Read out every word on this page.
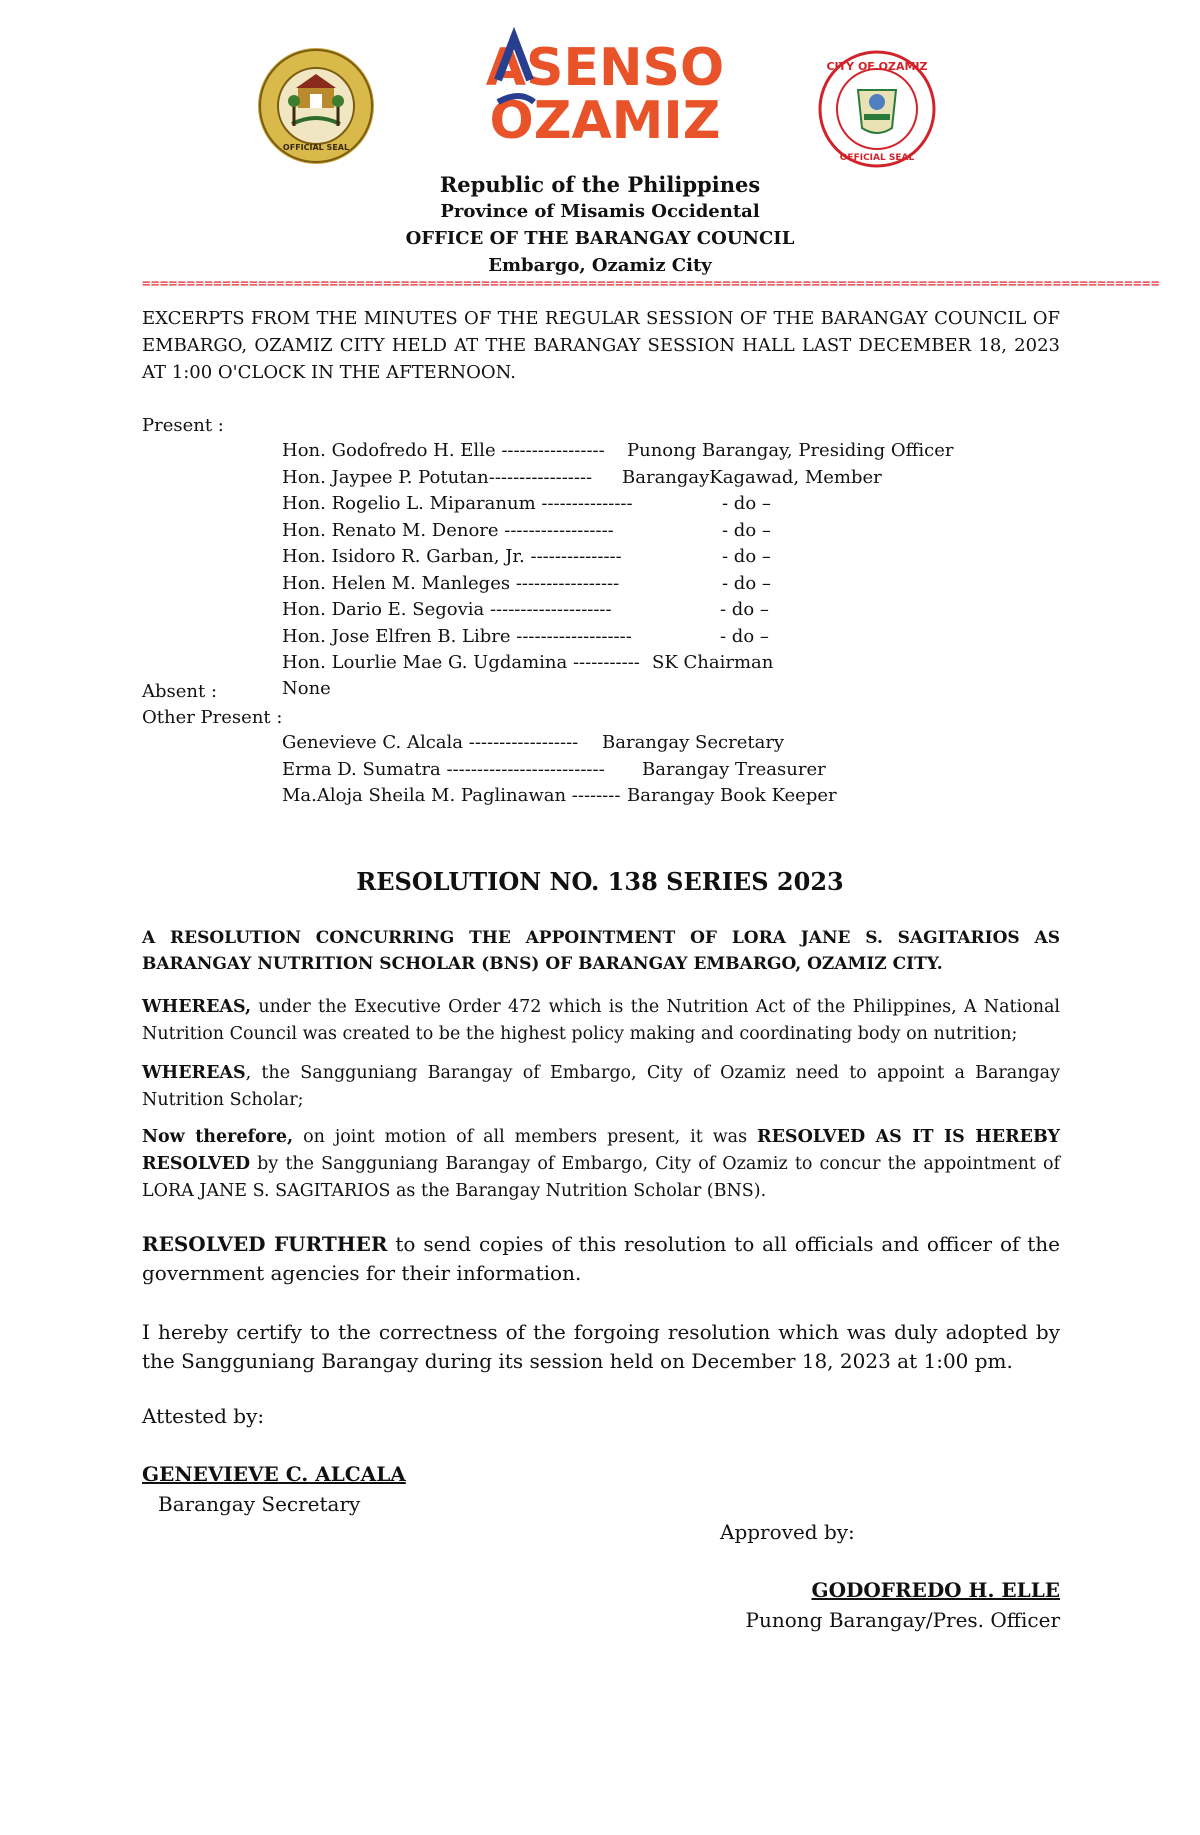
OFFICIAL SEAL
ASENSO
OZAMIZ
CITY OF OZAMIZ
OFFICIAL SEAL
Republic of the Philippines
Province of Misamis Occidental
OFFICE OF THE BARANGAY COUNCIL
Embargo, Ozamiz City
==================================================================================================================
EXCERPTS FROM THE MINUTES OF THE REGULAR SESSION OF THE BARANGAY COUNCIL OF EMBARGO, OZAMIZ CITY HELD AT THE BARANGAY SESSION HALL LAST DECEMBER 18, 2023 AT 1:00 O'CLOCK IN THE AFTERNOON.
Present :
Hon. Godofredo H. Elle ----------------- Punong Barangay, Presiding Officer
Hon. Jaypee P. Potutan----------------- BarangayKagawad, Member
Hon. Rogelio L. Miparanum ---------------	- do –
Hon. Renato M. Denore ------------------	- do –
Hon. Isidoro R. Garban, Jr. ---------------	- do –
Hon. Helen M. Manleges -----------------	- do –
Hon. Dario E. Segovia --------------------	- do –
Hon. Jose Elfren B. Libre -------------------	- do –
Hon. Lourlie Mae G. Ugdamina ----------- SK Chairman
Absent :	None
Other Present :
Genevieve C. Alcala ------------------ Barangay Secretary
Erma D. Sumatra -------------------------- Barangay Treasurer
Ma.Aloja Sheila M. Paglinawan -------- Barangay Book Keeper
RESOLUTION NO. 138 SERIES 2023
A RESOLUTION CONCURRING THE APPOINTMENT OF LORA JANE S. SAGITARIOS AS BARANGAY NUTRITION SCHOLAR (BNS) OF BARANGAY EMBARGO, OZAMIZ CITY.
WHEREAS, under the Executive Order 472 which is the Nutrition Act of the Philippines, A National Nutrition Council was created to be the highest policy making and coordinating body on nutrition;
WHEREAS, the Sangguniang Barangay of Embargo, City of Ozamiz need to appoint a Barangay Nutrition Scholar;
Now therefore, on joint motion of all members present, it was RESOLVED AS IT IS HEREBY RESOLVED by the Sangguniang Barangay of Embargo, City of Ozamiz to concur the appointment of LORA JANE S. SAGITARIOS as the Barangay Nutrition Scholar (BNS).
RESOLVED FURTHER to send copies of this resolution to all officials and officer of the government agencies for their information.
I hereby certify to the correctness of the forgoing resolution which was duly adopted by the Sangguniang Barangay during its session held on December 18, 2023 at 1:00 pm.
Attested by:
GENEVIEVE C. ALCALA
Barangay Secretary
Approved by:
GODOFREDO H. ELLE
Punong Barangay/Pres. Officer
